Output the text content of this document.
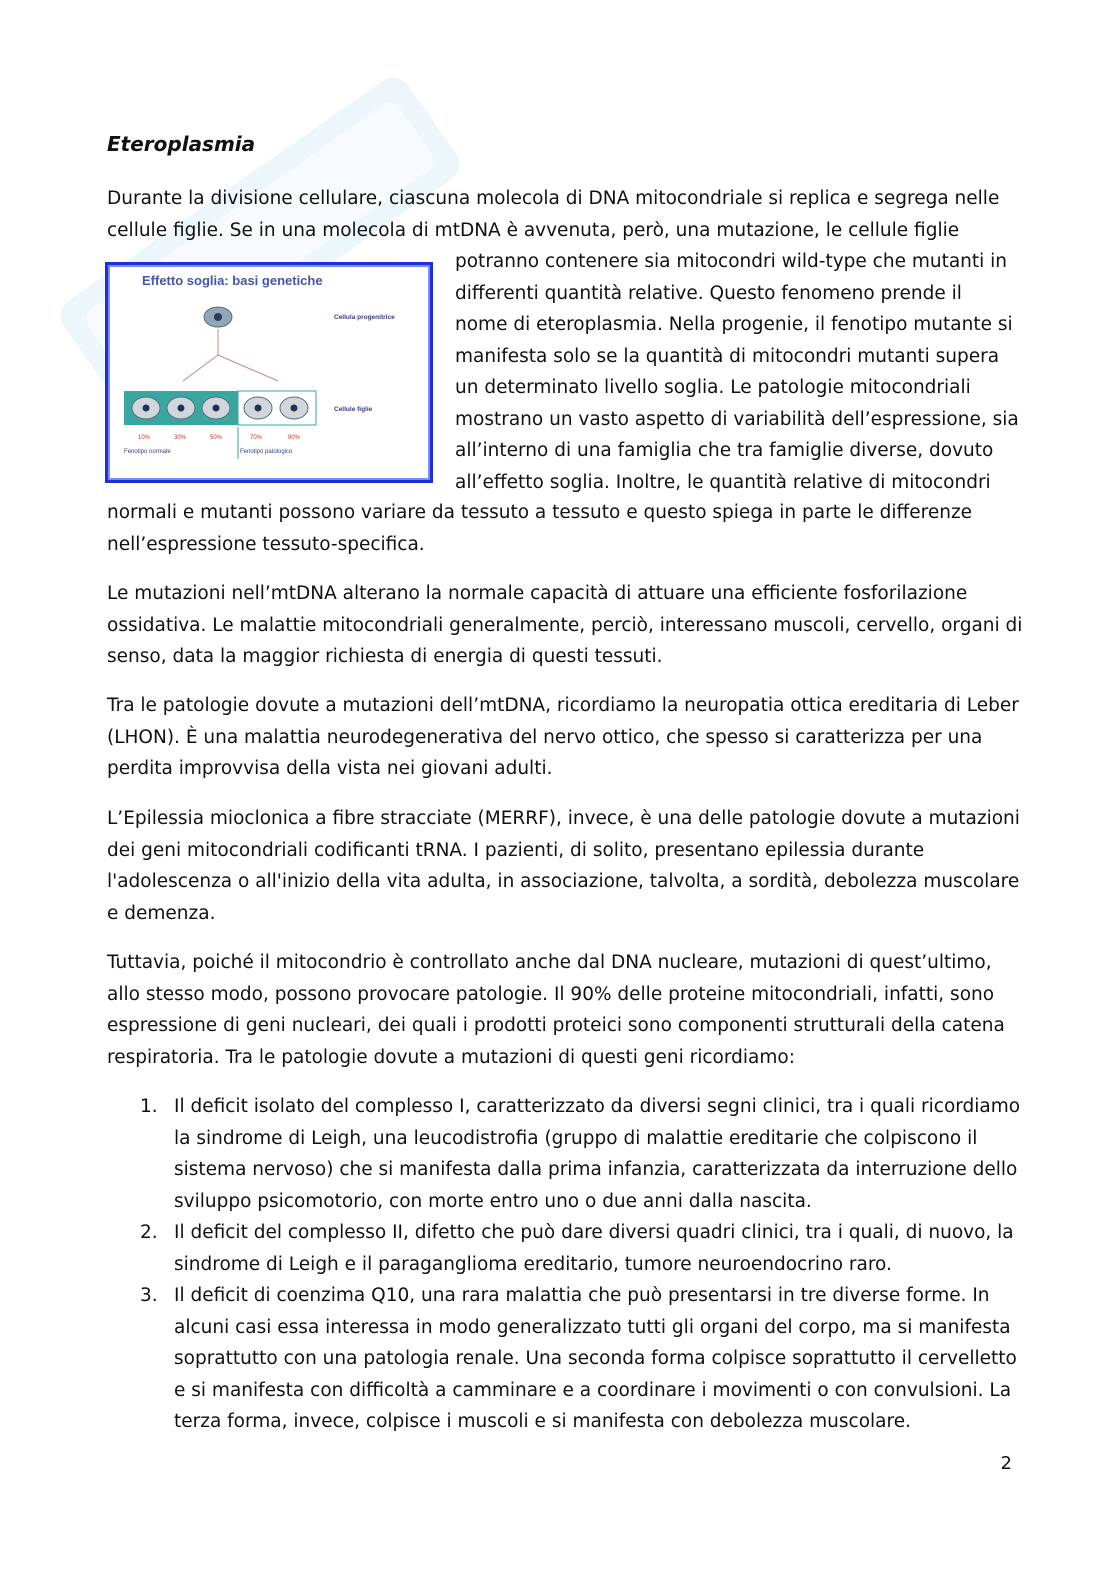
Eteroplasmia

Durante la divisione cellulare, ciascuna molecola di DNA mitocondriale si replica e segrega nelle
cellule figlie. Se in una molecola di mtDNA è avvenuta, però, una mutazione, le cellule figlie

Effetto soglia: basi genetiche
Cellula progenitrice
Cellule figlie
10%	30%	50%	70%	90%
Fenotipo normale	Fenotipo patologico

potranno contenere sia mitocondri wild-type che mutanti in
differenti quantità relative. Questo fenomeno prende il
nome di eteroplasmia. Nella progenie, il fenotipo mutante si
manifesta solo se la quantità di mitocondri mutanti supera
un determinato livello soglia. Le patologie mitocondriali
mostrano un vasto aspetto di variabilità dell’espressione, sia
all’interno di una famiglia che tra famiglie diverse, dovuto
all’effetto soglia. Inoltre, le quantità relative di mitocondri

normali e mutanti possono variare da tessuto a tessuto e questo spiega in parte le differenze
nell’espressione tessuto-specifica.

Le mutazioni nell’mtDNA alterano la normale capacità di attuare una efficiente fosforilazione
ossidativa. Le malattie mitocondriali generalmente, perciò, interessano muscoli, cervello, organi di
senso, data la maggior richiesta di energia di questi tessuti.

Tra le patologie dovute a mutazioni dell’mtDNA, ricordiamo la neuropatia ottica ereditaria di Leber
(LHON). È una malattia neurodegenerativa del nervo ottico, che spesso si caratterizza per una
perdita improvvisa della vista nei giovani adulti.

L’Epilessia mioclonica a fibre stracciate (MERRF), invece, è una delle patologie dovute a mutazioni
dei geni mitocondriali codificanti tRNA. I pazienti, di solito, presentano epilessia durante
l'adolescenza o all'inizio della vita adulta, in associazione, talvolta, a sordità, debolezza muscolare
e demenza.

Tuttavia, poiché il mitocondrio è controllato anche dal DNA nucleare, mutazioni di quest’ultimo,
allo stesso modo, possono provocare patologie. Il 90% delle proteine mitocondriali, infatti, sono
espressione di geni nucleari, dei quali i prodotti proteici sono componenti strutturali della catena
respiratoria. Tra le patologie dovute a mutazioni di questi geni ricordiamo:

1. Il deficit isolato del complesso I, caratterizzato da diversi segni clinici, tra i quali ricordiamo
la sindrome di Leigh, una leucodistrofia (gruppo di malattie ereditarie che colpiscono il
sistema nervoso) che si manifesta dalla prima infanzia, caratterizzata da interruzione dello
sviluppo psicomotorio, con morte entro uno o due anni dalla nascita.
2. Il deficit del complesso II, difetto che può dare diversi quadri clinici, tra i quali, di nuovo, la
sindrome di Leigh e il paraganglioma ereditario, tumore neuroendocrino raro.
3. Il deficit di coenzima Q10, una rara malattia che può presentarsi in tre diverse forme. In
alcuni casi essa interessa in modo generalizzato tutti gli organi del corpo, ma si manifesta
soprattutto con una patologia renale. Una seconda forma colpisce soprattutto il cervelletto
e si manifesta con difficoltà a camminare e a coordinare i movimenti o con convulsioni. La
terza forma, invece, colpisce i muscoli e si manifesta con debolezza muscolare.
2
